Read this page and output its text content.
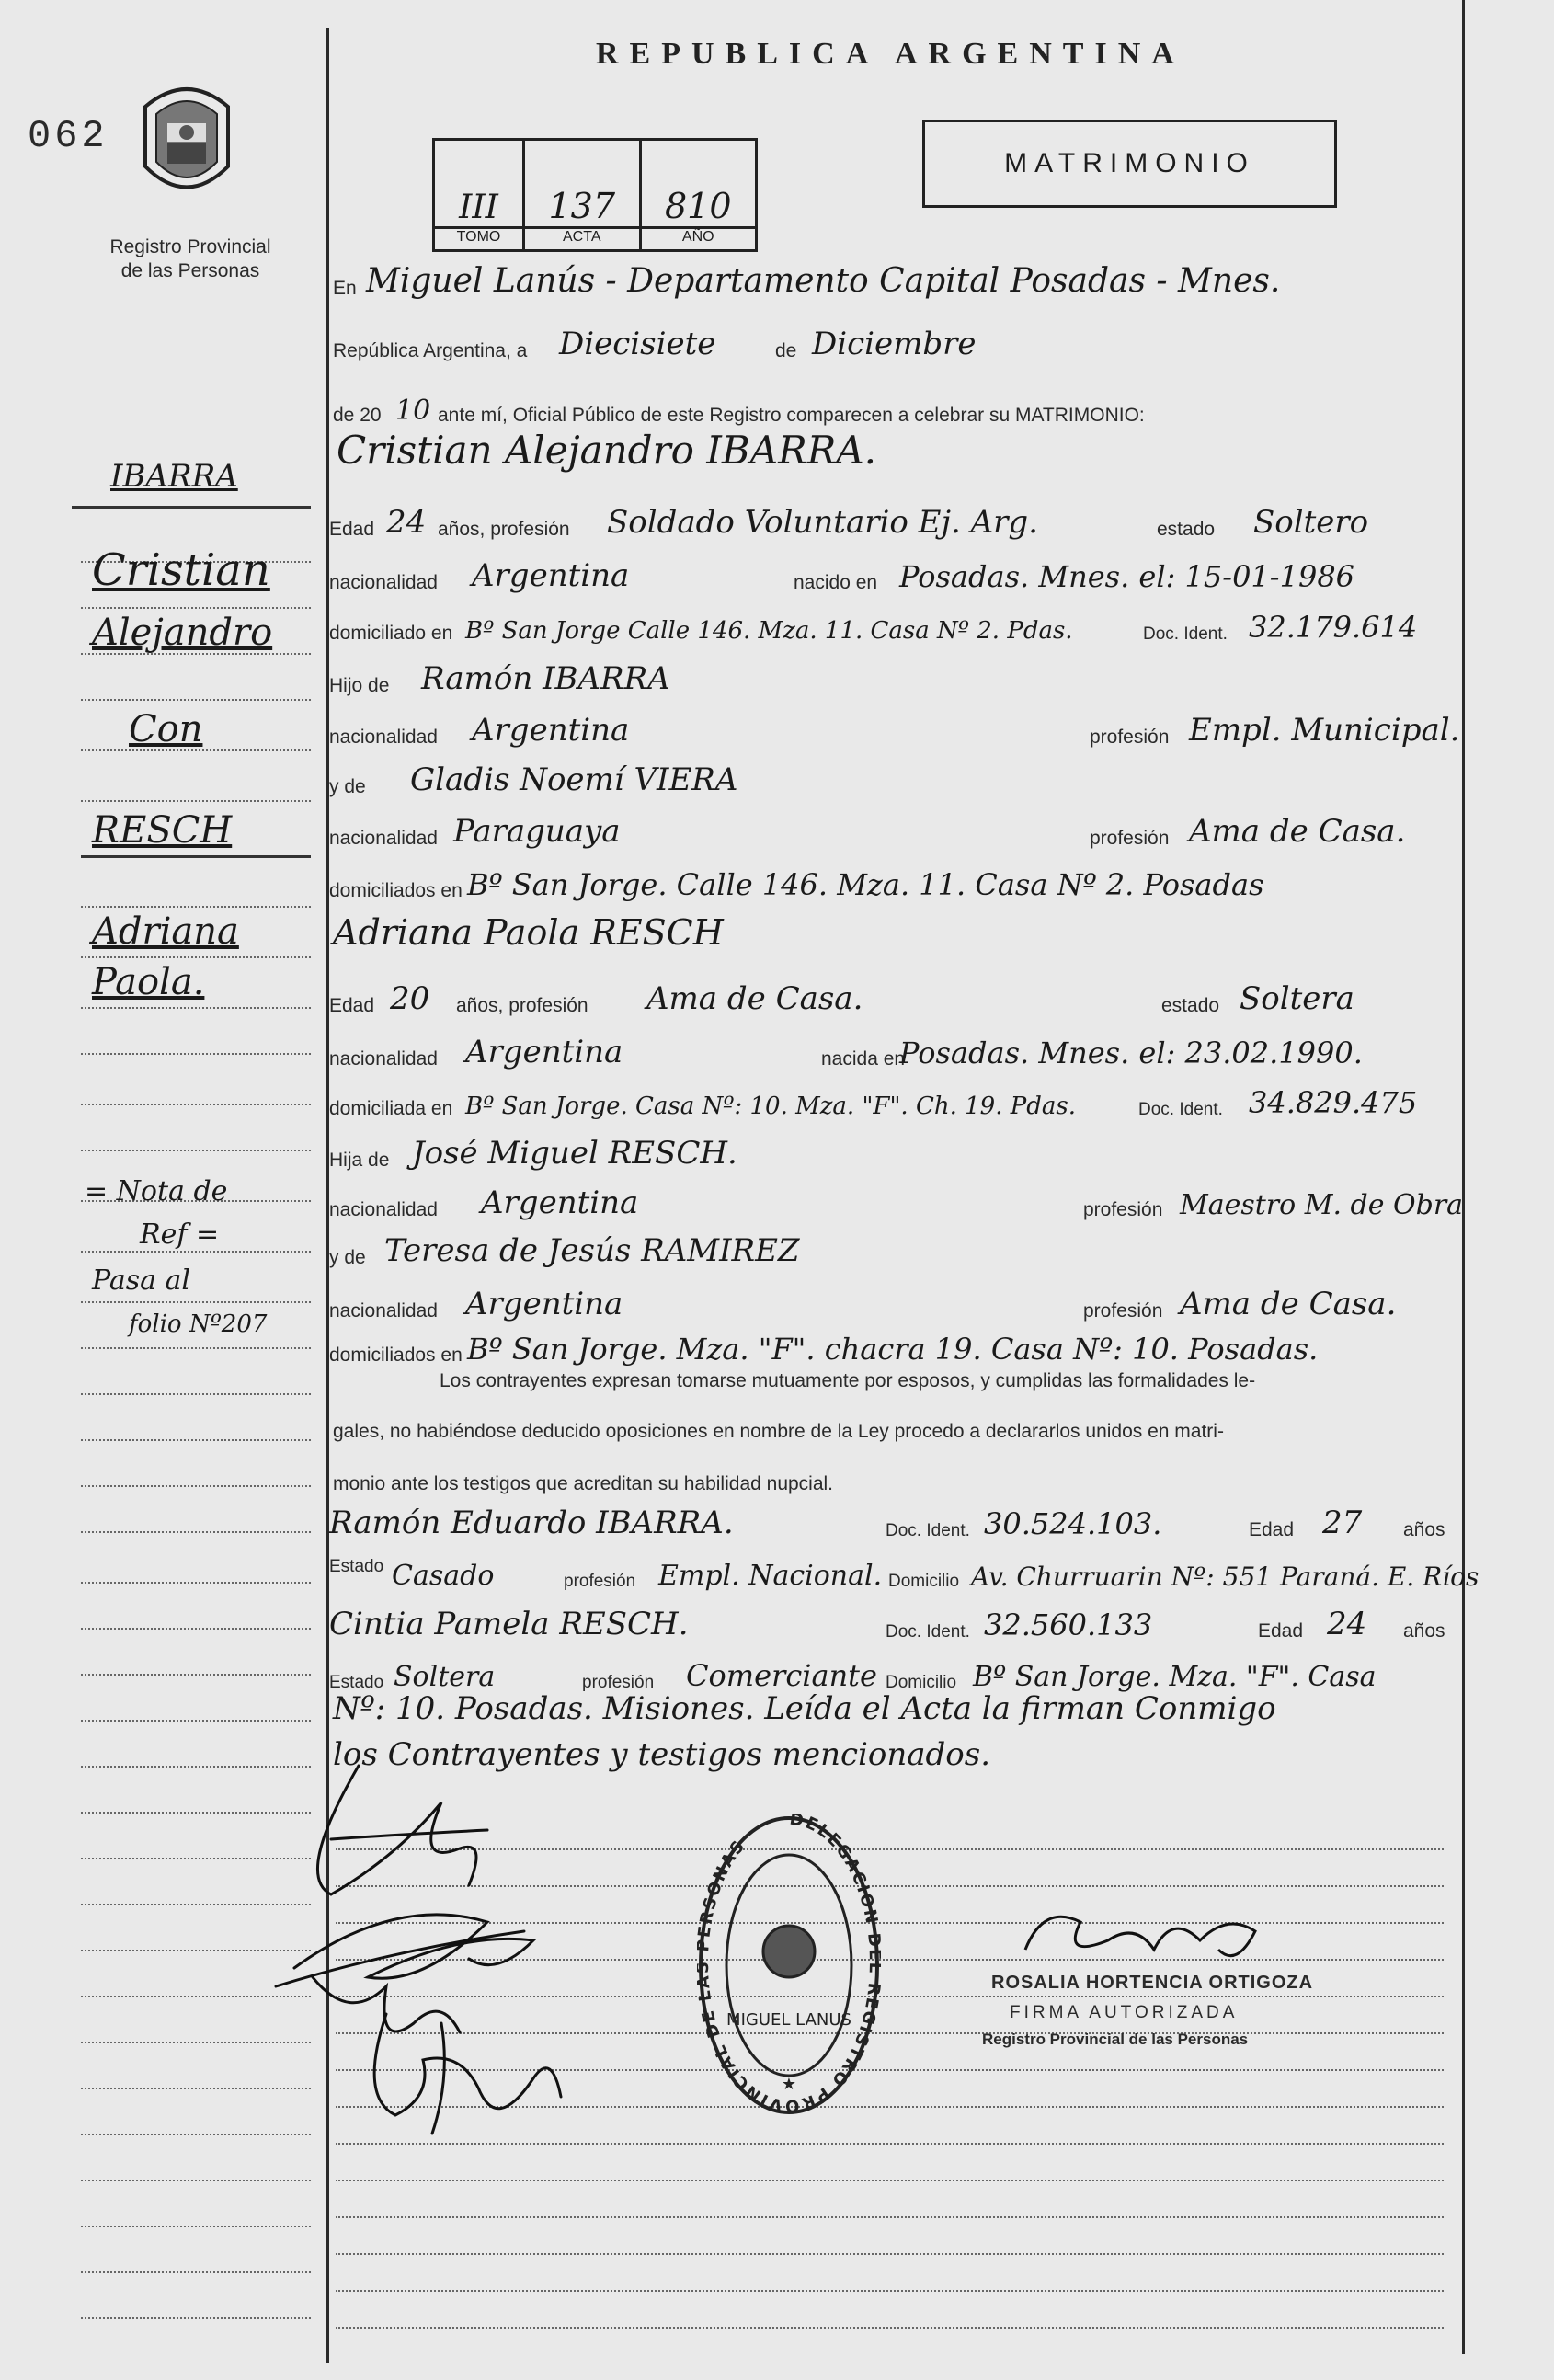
062
Registro Provincial
de las Personas
REPUBLICA ARGENTINA
MATRIMONIO
III
TOMO
137
ACTA
810
AÑO
IBARRA
Cristian
Alejandro
Con
RESCH
Adriana
Paola.
= Nota de
Ref =
Pasa al
folio Nº207
En Miguel Lanús - Departamento Capital Posadas - Mnes.
República Argentina, a Diecisiete	de Diciembre
de 20 10 ante mí, Oficial Público de este Registro comparecen a celebrar su MATRIMONIO:
Cristian Alejandro IBARRA.
Edad 24 años, profesión Soldado Voluntario Ej. Arg.	estado Soltero
nacionalidad Argentina	nacido en Posadas. Mnes. el: 15-01-1986
domiciliado en Bº San Jorge Calle 146. Mza. 11. Casa Nº 2. Pdas.	Doc. Ident. 32.179.614
Hijo de Ramón IBARRA
nacionalidad Argentina	profesión Empl. Municipal.
y de Gladis Noemí VIERA
nacionalidad Paraguaya	profesión Ama de Casa.
domiciliados en Bº San Jorge. Calle 146. Mza. 11. Casa Nº 2. Posadas
Adriana Paola RESCH
Edad 20 años, profesión Ama de Casa.	estado Soltera
nacionalidad Argentina	nacida en
Posadas. Mnes. el: 23.02.1990.
domiciliada en Bº San Jorge. Casa Nº: 10. Mza. "F". Ch. 19. Pdas.	Doc. Ident. 34.829.475
Hija de José Miguel RESCH.
nacionalidad Argentina	profesión Maestro M. de Obra
y de Teresa de Jesús RAMIREZ
nacionalidad Argentina	profesión Ama de Casa.
domiciliados en Bº San Jorge. Mza. "F". chacra 19. Casa Nº: 10. Posadas.
Los contrayentes expresan tomarse mutuamente por esposos, y cumplidas las formalidades le-
gales, no habiéndose deducido oposiciones en nombre de la Ley procedo a declararlos unidos en matri-
monio ante los testigos que acreditan su habilidad nupcial.
Ramón Eduardo IBARRA.	Doc. Ident. 30.524.103.	Edad 27 años
Estado Casado	profesión Empl. Nacional. Domicilio Av. Churruarin Nº: 551 Paraná. E. Ríos
Cintia Pamela RESCH.	Doc. Ident. 32.560.133	Edad 24 años
Estado Soltera	profesión Comerciante Domicilio Bº San Jorge. Mza. "F". Casa
Nº: 10. Posadas. Misiones. Leída el Acta la firman Conmigo
los Contrayentes y testigos mencionados.
DELEGACION EGISTRO PROVINCIAL DE RSONAS
MIGUEL LANUS
★
ROSALIA HORTENCIA ORTIGOZA
FIRMA AUTORIZADA
Registro Provincial de las Personas
